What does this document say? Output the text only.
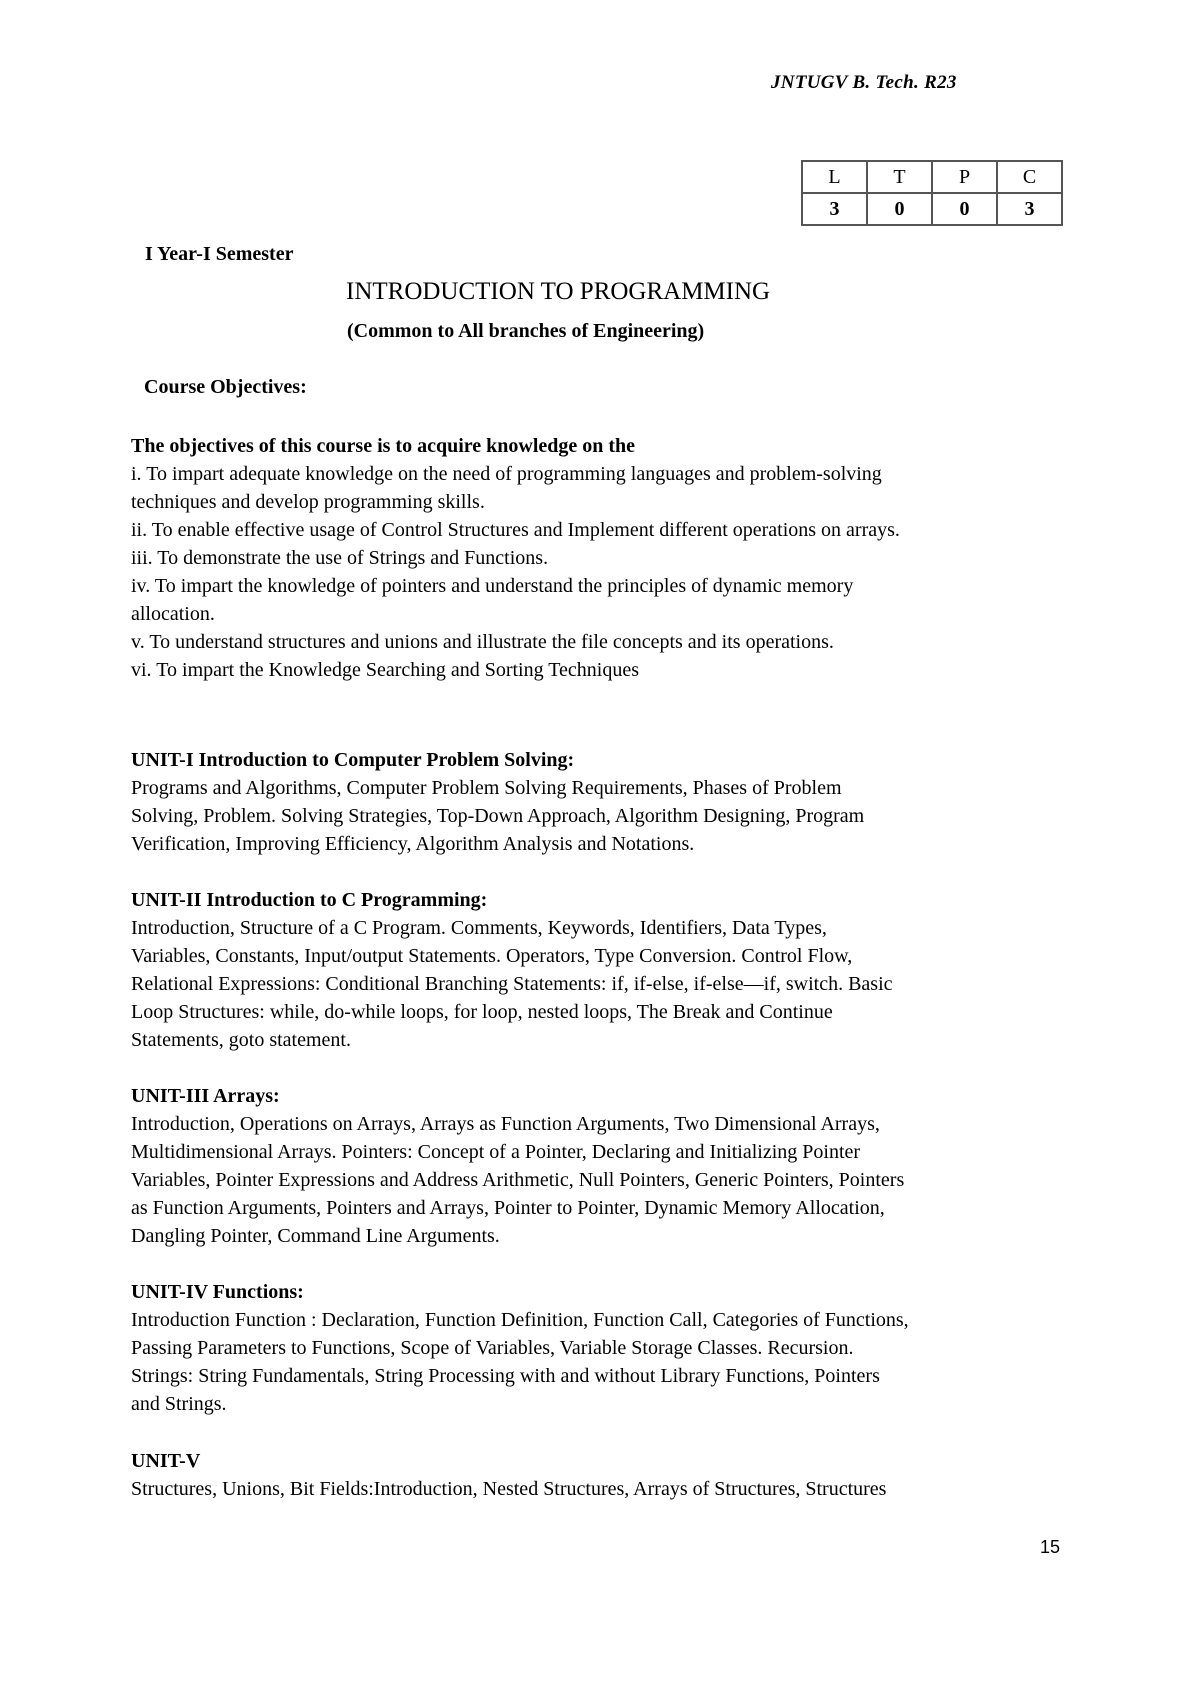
JNTUGV B. Tech. R23
L	T	P	C
3	0	0	3
I Year-I Semester
INTRODUCTION TO PROGRAMMING
(Common to All branches of Engineering)
Course Objectives:
The objectives of this course is to acquire knowledge on the
i. To impart adequate knowledge on the need of programming languages and problem-solving
techniques and develop programming skills.
ii. To enable effective usage of Control Structures and Implement different operations on arrays.
iii. To demonstrate the use of Strings and Functions.
iv. To impart the knowledge of pointers and understand the principles of dynamic memory
allocation.
v. To understand structures and unions and illustrate the file concepts and its operations.
vi. To impart the Knowledge Searching and Sorting Techniques
UNIT-I Introduction to Computer Problem Solving:
Programs and Algorithms, Computer Problem Solving Requirements, Phases of Problem
Solving, Problem. Solving Strategies, Top-Down Approach, Algorithm Designing, Program
Verification, Improving Efficiency, Algorithm Analysis and Notations.
UNIT-II Introduction to C Programming:
Introduction, Structure of a C Program. Comments, Keywords, Identifiers, Data Types,
Variables, Constants, Input/output Statements. Operators, Type Conversion. Control Flow,
Relational Expressions: Conditional Branching Statements: if, if-else, if-else—if, switch. Basic
Loop Structures: while, do-while loops, for loop, nested loops, The Break and Continue
Statements, goto statement.
UNIT-III Arrays:
Introduction, Operations on Arrays, Arrays as Function Arguments, Two Dimensional Arrays,
Multidimensional Arrays. Pointers: Concept of a Pointer, Declaring and Initializing Pointer
Variables, Pointer Expressions and Address Arithmetic, Null Pointers, Generic Pointers, Pointers
as Function Arguments, Pointers and Arrays, Pointer to Pointer, Dynamic Memory Allocation,
Dangling Pointer, Command Line Arguments.
UNIT-IV Functions:
Introduction Function : Declaration, Function Definition, Function Call, Categories of Functions,
Passing Parameters to Functions, Scope of Variables, Variable Storage Classes. Recursion.
Strings: String Fundamentals, String Processing with and without Library Functions, Pointers
and Strings.
UNIT-V
Structures, Unions, Bit Fields:Introduction, Nested Structures, Arrays of Structures, Structures
15
